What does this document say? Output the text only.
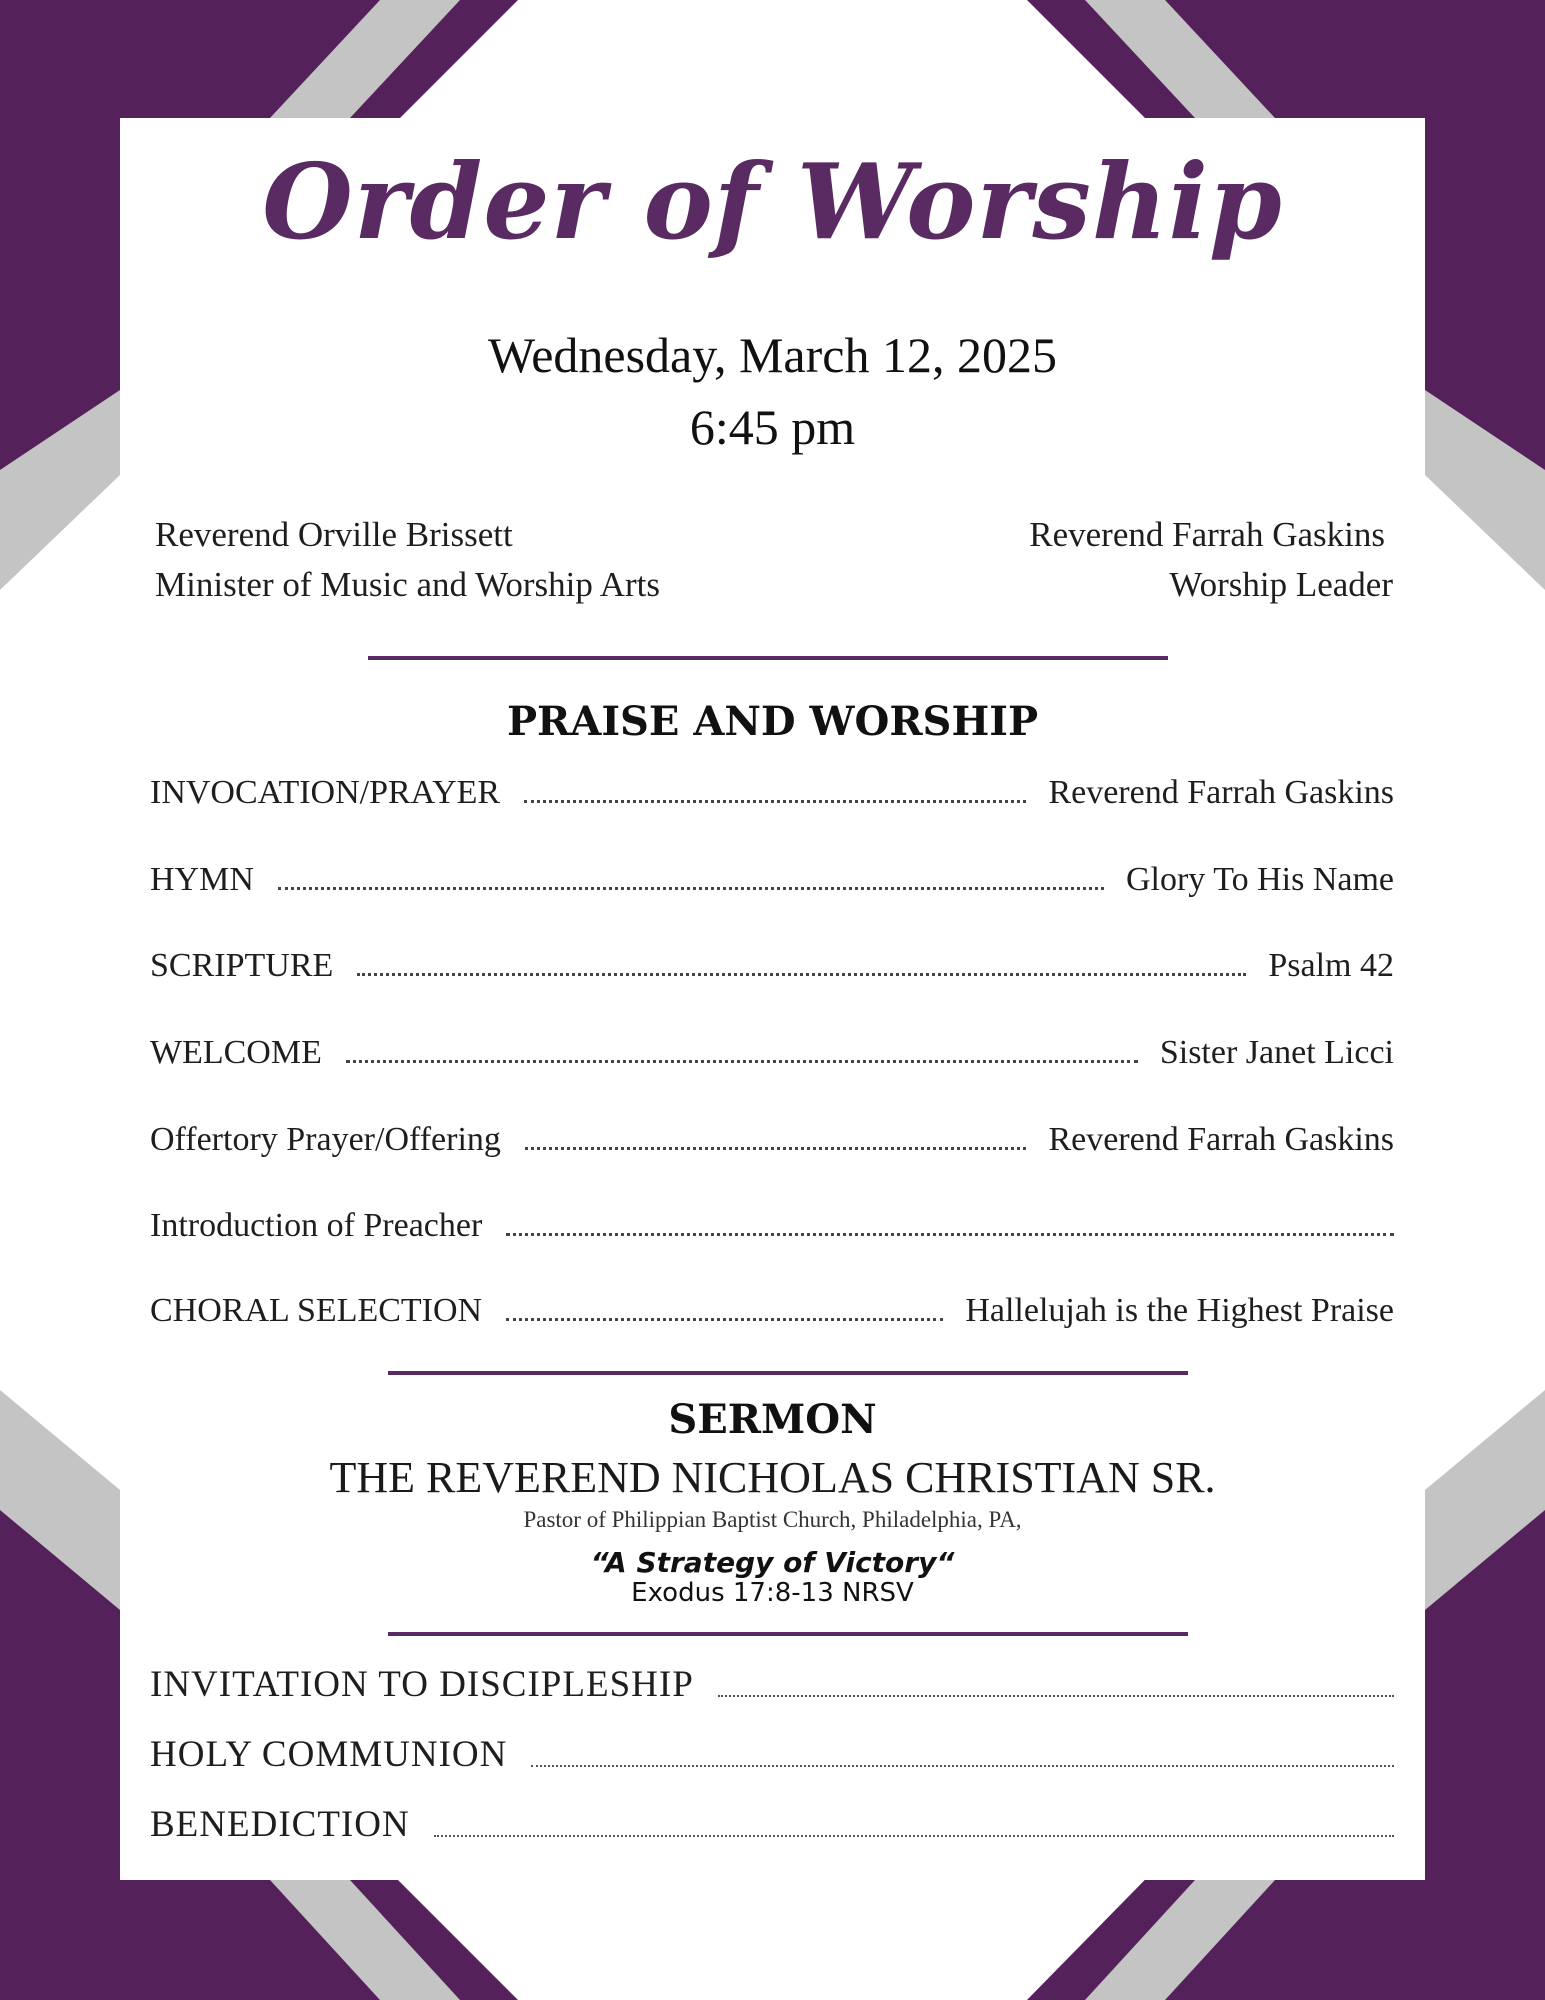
Order of Worship
Wednesday, March 12, 2025
6:45 pm
Reverend Orville Brissett
Minister of Music and Worship Arts
Reverend Farrah Gaskins
Worship Leader
PRAISE AND WORSHIP
INVOCATION/PRAYER	Reverend Farrah Gaskins
HYMN	Glory To His Name
SCRIPTURE	Psalm 42
WELCOME	Sister Janet Licci
Offertory Prayer/Offering	Reverend Farrah Gaskins
Introduction of Preacher
CHORAL SELECTION	Hallelujah is the Highest Praise
SERMON
THE REVEREND NICHOLAS CHRISTIAN SR.
Pastor of Philippian Baptist Church, Philadelphia, PA,
“A Strategy of Victory“
Exodus 17:8-13 NRSV
INVITATION TO DISCIPLESHIP
HOLY COMMUNION
BENEDICTION
